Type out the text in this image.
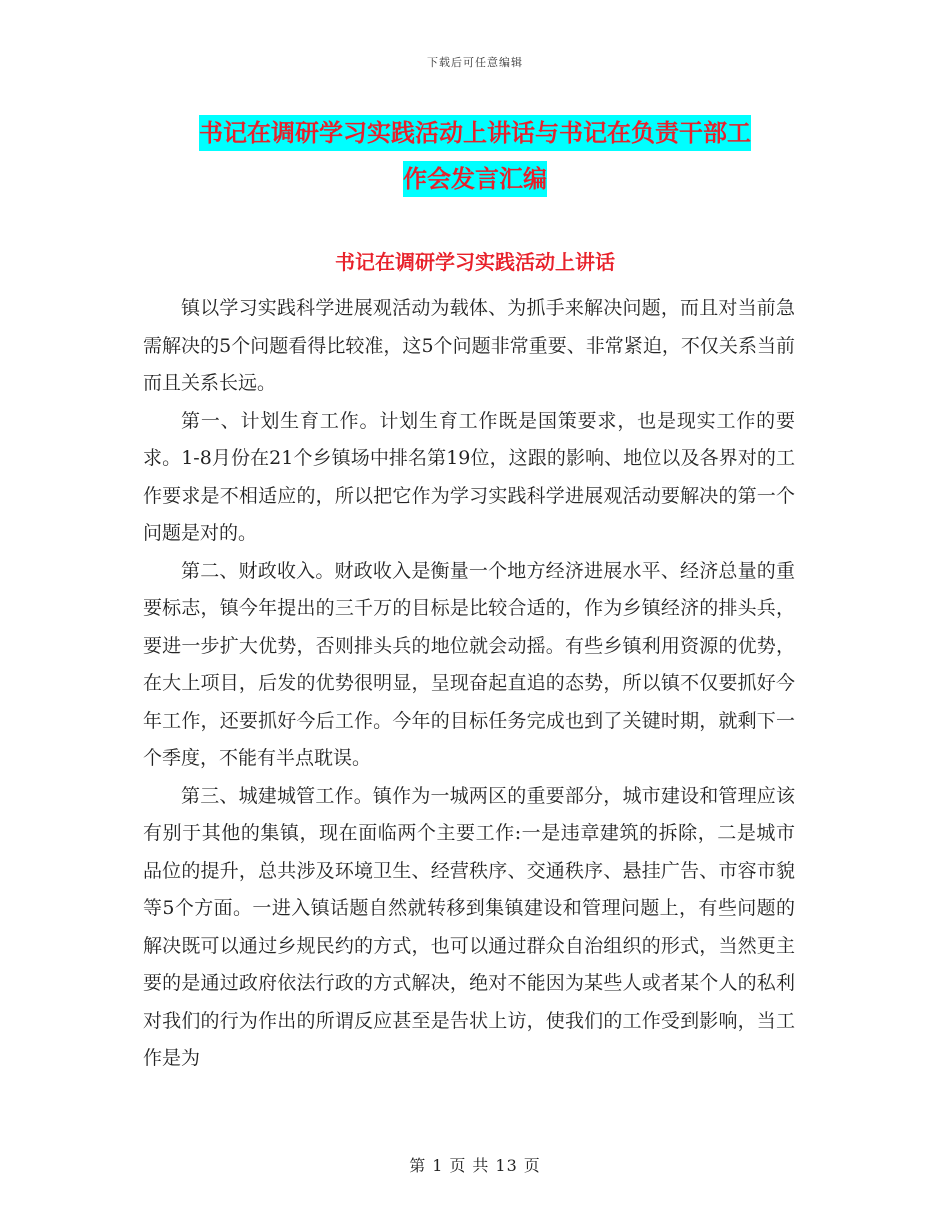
下载后可任意编辑
书记在调研学习实践活动上讲话与书记在负责干部工
作会发言汇编
书记在调研学习实践活动上讲话

镇以学习实践科学进展观活动为载体、为抓手来解决问题，而且对当前急需解决的5个问题看得比较准，这5个问题非常重要、非常紧迫，不仅关系当前而且关系长远。

第一、计划生育工作。计划生育工作既是国策要求，也是现实工作的要求。1-8月份在21个乡镇场中排名第19位，这跟的影响、地位以及各界对的工作要求是不相适应的，所以把它作为学习实践科学进展观活动要解决的第一个问题是对的。

第二、财政收入。财政收入是衡量一个地方经济进展水平、经济总量的重要标志，镇今年提出的三千万的目标是比较合适的，作为乡镇经济的排头兵，要进一步扩大优势，否则排头兵的地位就会动摇。有些乡镇利用资源的优势，在大上项目，后发的优势很明显，呈现奋起直追的态势，所以镇不仅要抓好今年工作，还要抓好今后工作。今年的目标任务完成也到了关键时期，就剩下一个季度，不能有半点耽误。

第三、城建城管工作。镇作为一城两区的重要部分，城市建设和管理应该有别于其他的集镇，现在面临两个主要工作:一是违章建筑的拆除，二是城市品位的提升，总共涉及环境卫生、经营秩序、交通秩序、悬挂广告、市容市貌等5个方面。一进入镇话题自然就转移到集镇建设和管理问题上，有些问题的解决既可以通过乡规民约的方式，也可以通过群众自治组织的形式，当然更主要的是通过政府依法行政的方式解决，绝对不能因为某些人或者某个人的私利对我们的行为作出的所谓反应甚至是告状上访，使我们的工作受到影响，当工作是为

第 1 页 共 13 页
